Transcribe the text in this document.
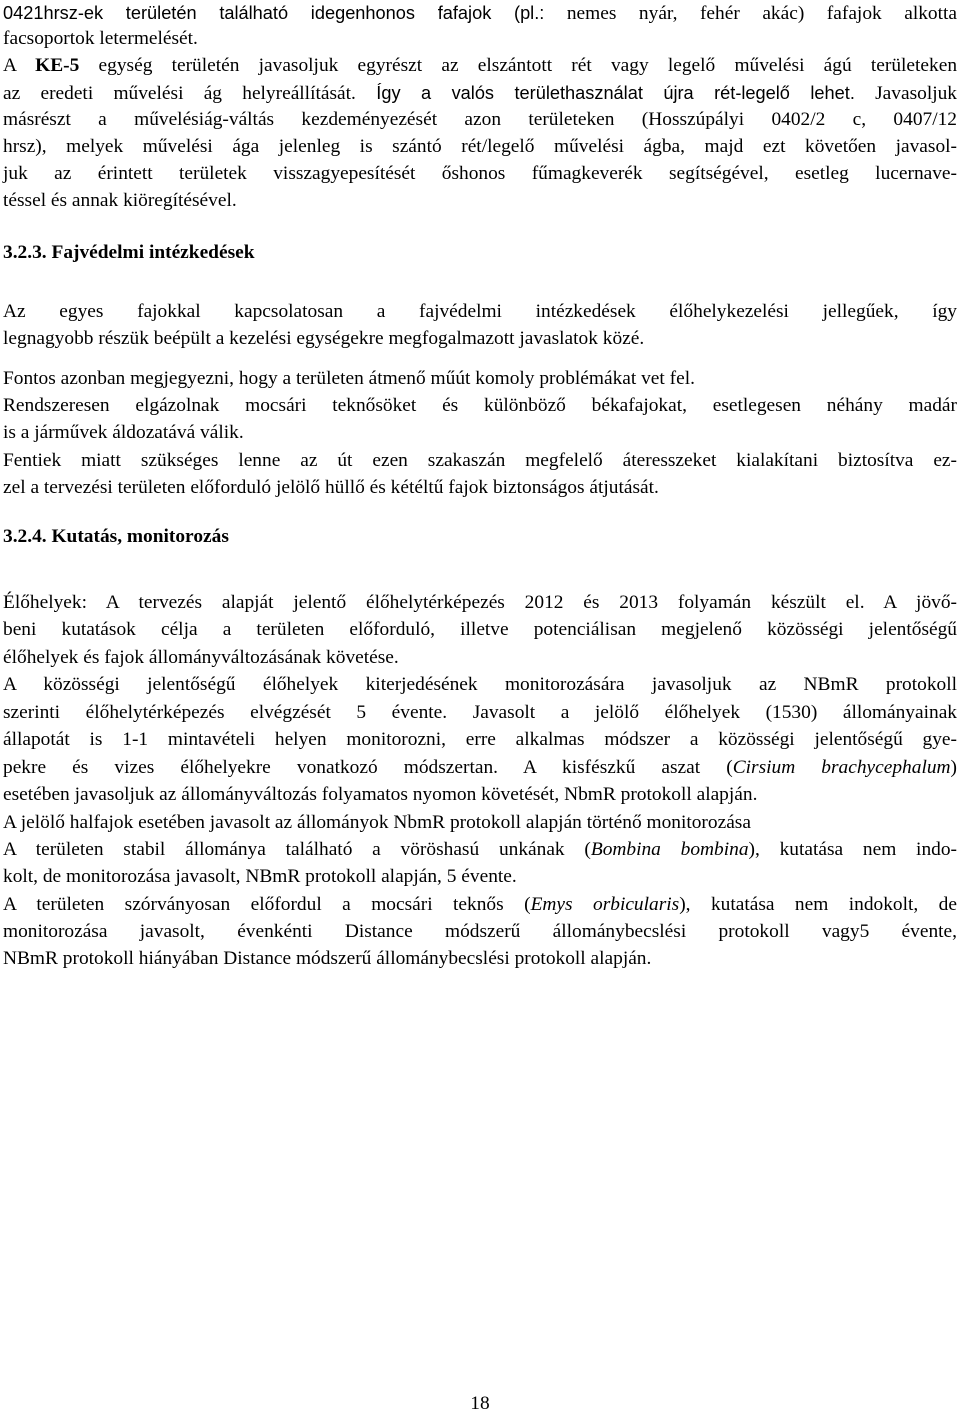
0421hrsz-ek területén található idegenhonos fafajok (pl.: nemes nyár, fehér akác) fafajok alkotta
facsoportok letermelését.
A KE-5 egység területén javasoljuk egyrészt az elszántott rét vagy legelő művelési ágú területeken
az eredeti művelési ág helyreállítását. Így a valós területhasználat újra rét-legelő lehet. Javasoljuk
másrészt a művelésiág-váltás kezdeményezését azon területeken (Hosszúpályi 0402/2 c, 0407/12
hrsz), melyek művelési ága jelenleg is szántó rét/legelő művelési ágba, majd ezt követően javasol-
juk az érintett területek visszagyepesítését őshonos fűmagkeverék segítségével, esetleg lucernave-
téssel és annak kiöregítésével.
3.2.3. Fajvédelmi intézkedések
Az egyes fajokkal kapcsolatosan a fajvédelmi intézkedések élőhelykezelési jellegűek, így
legnagyobb részük beépült a kezelési egységekre megfogalmazott javaslatok közé.
Fontos azonban megjegyezni, hogy a területen átmenő műút komoly problémákat vet fel.
Rendszeresen elgázolnak mocsári teknősöket és különböző békafajokat, esetlegesen néhány madár
is a járművek áldozatává válik.
Fentiek miatt szükséges lenne az út ezen szakaszán megfelelő áteresszeket kialakítani biztosítva ez-
zel a tervezési területen előforduló jelölő hüllő és kétéltű fajok biztonságos átjutását.
3.2.4. Kutatás, monitorozás
Élőhelyek: A tervezés alapját jelentő élőhelytérképezés 2012 és 2013 folyamán készült el. A jövő-
beni kutatások célja a területen előforduló, illetve potenciálisan megjelenő közösségi jelentőségű
élőhelyek és fajok állományváltozásának követése.
A közösségi jelentőségű élőhelyek kiterjedésének monitorozására javasoljuk az NBmR protokoll
szerinti élőhelytérképezés elvégzését 5 évente. Javasolt a jelölő élőhelyek (1530) állományainak
állapotát is 1-1 mintavételi helyen monitorozni, erre alkalmas módszer a közösségi jelentőségű gye-
pekre és vizes élőhelyekre vonatkozó módszertan. A kisfészkű aszat (Cirsium brachycephalum)
esetében javasoljuk az állományváltozás folyamatos nyomon követését, NbmR protokoll alapján.
A jelölő halfajok esetében javasolt az állományok NbmR protokoll alapján történő monitorozása
A területen stabil állománya található a vöröshasú unkának (Bombina bombina), kutatása nem indo-
kolt, de monitorozása javasolt, NBmR protokoll alapján, 5 évente.
A területen szórványosan előfordul a mocsári teknős (Emys orbicularis), kutatása nem indokolt, de
monitorozása javasolt, évenkénti Distance módszerű állománybecslési protokoll vagy5 évente,
NBmR protokoll hiányában Distance módszerű állománybecslési protokoll alapján.
18
